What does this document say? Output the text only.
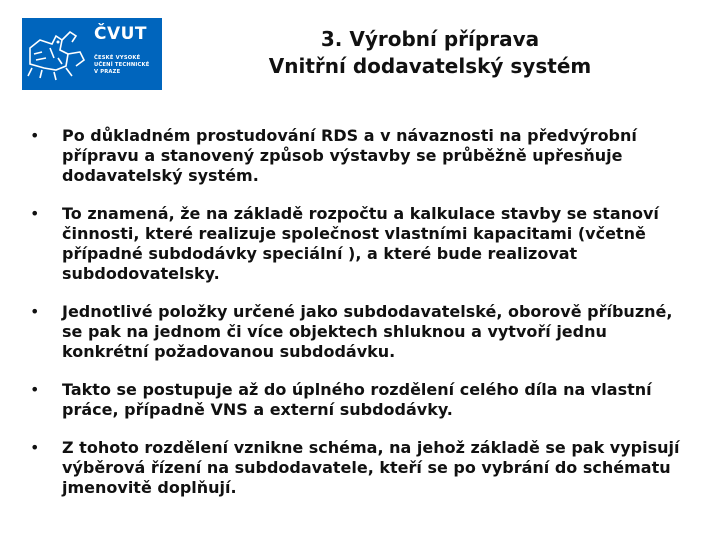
ČVUT
ČESKÉ VYSOKÉ
UČENÍ TECHNICKÉ
V PRAZE
3. Výrobní příprava
Vnitřní dodavatelský systém
•	Po důkladném prostudování RDS a v návaznosti na předvýrobní přípravu a stanovený způsob výstavby se průběžně upřesňuje dodavatelský systém.
•	To znamená, že na základě rozpočtu a kalkulace stavby se stanoví činnosti, které realizuje společnost vlastními kapacitami (včetně případné subdodávky speciální ), a které bude realizovat subdodovatelsky.
•	Jednotlivé položky určené jako subdodavatelské, oborově příbuzné, se pak na jednom či více objektech shluknou a vytvoří jednu konkrétní požadovanou subdodávku.
•	Takto se postupuje až do úplného rozdělení celého díla na vlastní práce, případně VNS a externí subdodávky.
•	Z tohoto rozdělení vznikne schéma, na jehož základě se pak vypisují výběrová řízení na subdodavatele, kteří se po vybrání do schématu jmenovitě doplňují.
